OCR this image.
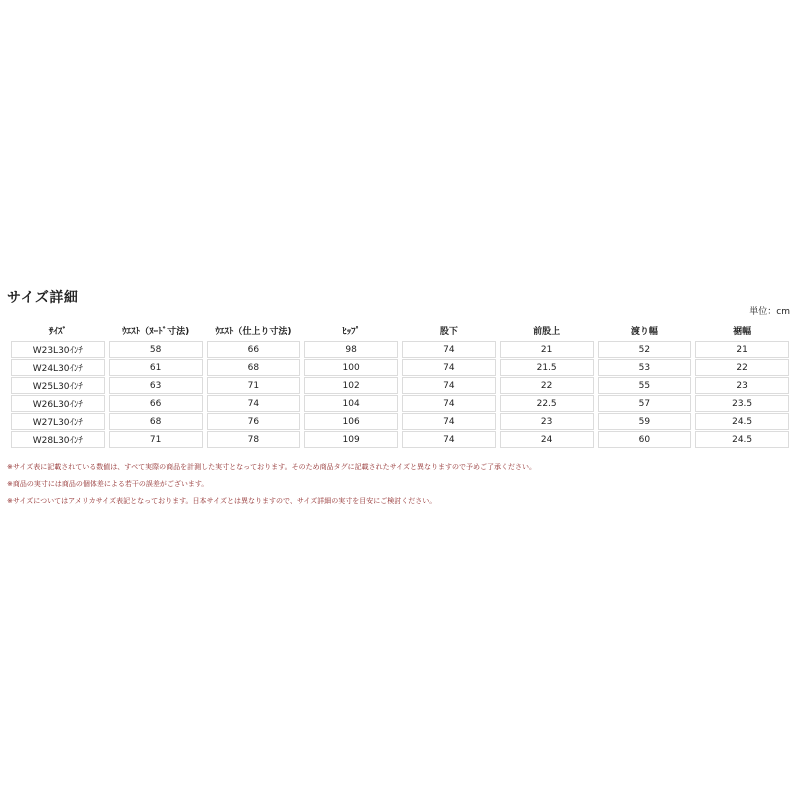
サイズ詳細
単位：cm
ｻｲｽﾞ	ｳｴｽﾄ（ﾇｰﾄﾞ寸法)	ｳｴｽﾄ（仕上り寸法)	ﾋｯﾌﾟ	股下	前股上	渡り幅	裾幅
W23L30ｲﾝﾁ	58	66	98	74	21	52	21
W24L30ｲﾝﾁ	61	68	100	74	21.5	53	22
W25L30ｲﾝﾁ	63	71	102	74	22	55	23
W26L30ｲﾝﾁ	66	74	104	74	22.5	57	23.5
W27L30ｲﾝﾁ	68	76	106	74	23	59	24.5
W28L30ｲﾝﾁ	71	78	109	74	24	60	24.5
※サイズ表に記載されている数値は、すべて実際の商品を計測した実寸となっております。そのため商品タグに記載されたサイズと異なりますので予めご了承ください。
※商品の実寸には商品の個体差による若干の誤差がございます。
※サイズについてはアメリカサイズ表記となっております。日本サイズとは異なりますので、サイズ詳細の実寸を目安にご検討ください。
